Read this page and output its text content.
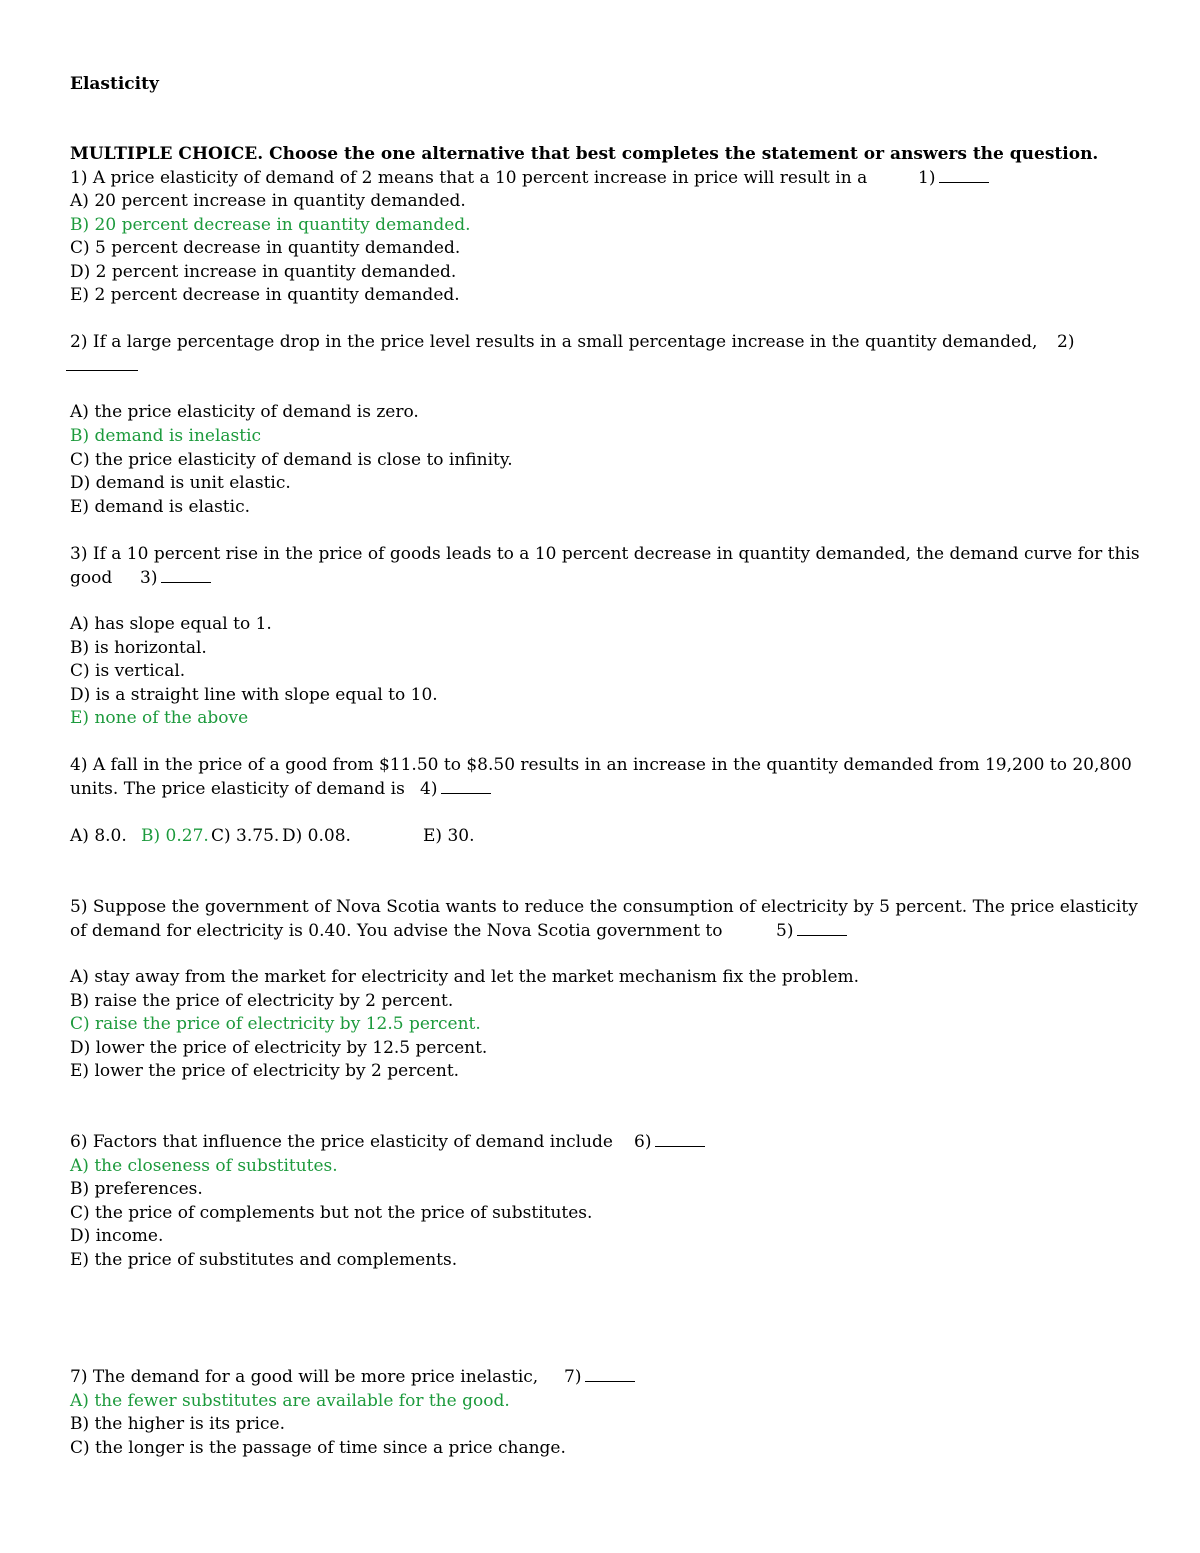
Elasticity
MULTIPLE CHOICE. Choose the one alternative that best completes the statement or answers the question.
1) A price elasticity of demand of 2 means that a 10 percent increase in price will result in a	1)
A) 20 percent increase in quantity demanded.
B) 20 percent decrease in quantity demanded.
C) 5 percent decrease in quantity demanded.
D) 2 percent increase in quantity demanded.
E) 2 percent decrease in quantity demanded.
2) If a large percentage drop in the price level results in a small percentage increase in the quantity demanded, 2)
A) the price elasticity of demand is zero.
B) demand is inelastic
C) the price elasticity of demand is close to infinity.
D) demand is unit elastic.
E) demand is elastic.
3) If a 10 percent rise in the price of goods leads to a 10 percent decrease in quantity demanded, the demand curve for this
good 3)
A) has slope equal to 1.
B) is horizontal.
C) is vertical.
D) is a straight line with slope equal to 10.
E) none of the above
4) A fall in the price of a good from $11.50 to $8.50 results in an increase in the quantity demanded from 19,200 to 20,800
units. The price elasticity of demand is 4)
A) 8.0. B) 0.27. C) 3.75. D) 0.08.	E) 30.
5) Suppose the government of Nova Scotia wants to reduce the consumption of electricity by 5 percent. The price elasticity
of demand for electricity is 0.40. You advise the Nova Scotia government to	5)
A) stay away from the market for electricity and let the market mechanism fix the problem.
B) raise the price of electricity by 2 percent.
C) raise the price of electricity by 12.5 percent.
D) lower the price of electricity by 12.5 percent.
E) lower the price of electricity by 2 percent.
6) Factors that influence the price elasticity of demand include 6)
A) the closeness of substitutes.
B) preferences.
C) the price of complements but not the price of substitutes.
D) income.
E) the price of substitutes and complements.
7) The demand for a good will be more price inelastic, 7)
A) the fewer substitutes are available for the good.
B) the higher is its price.
C) the longer is the passage of time since a price change.
